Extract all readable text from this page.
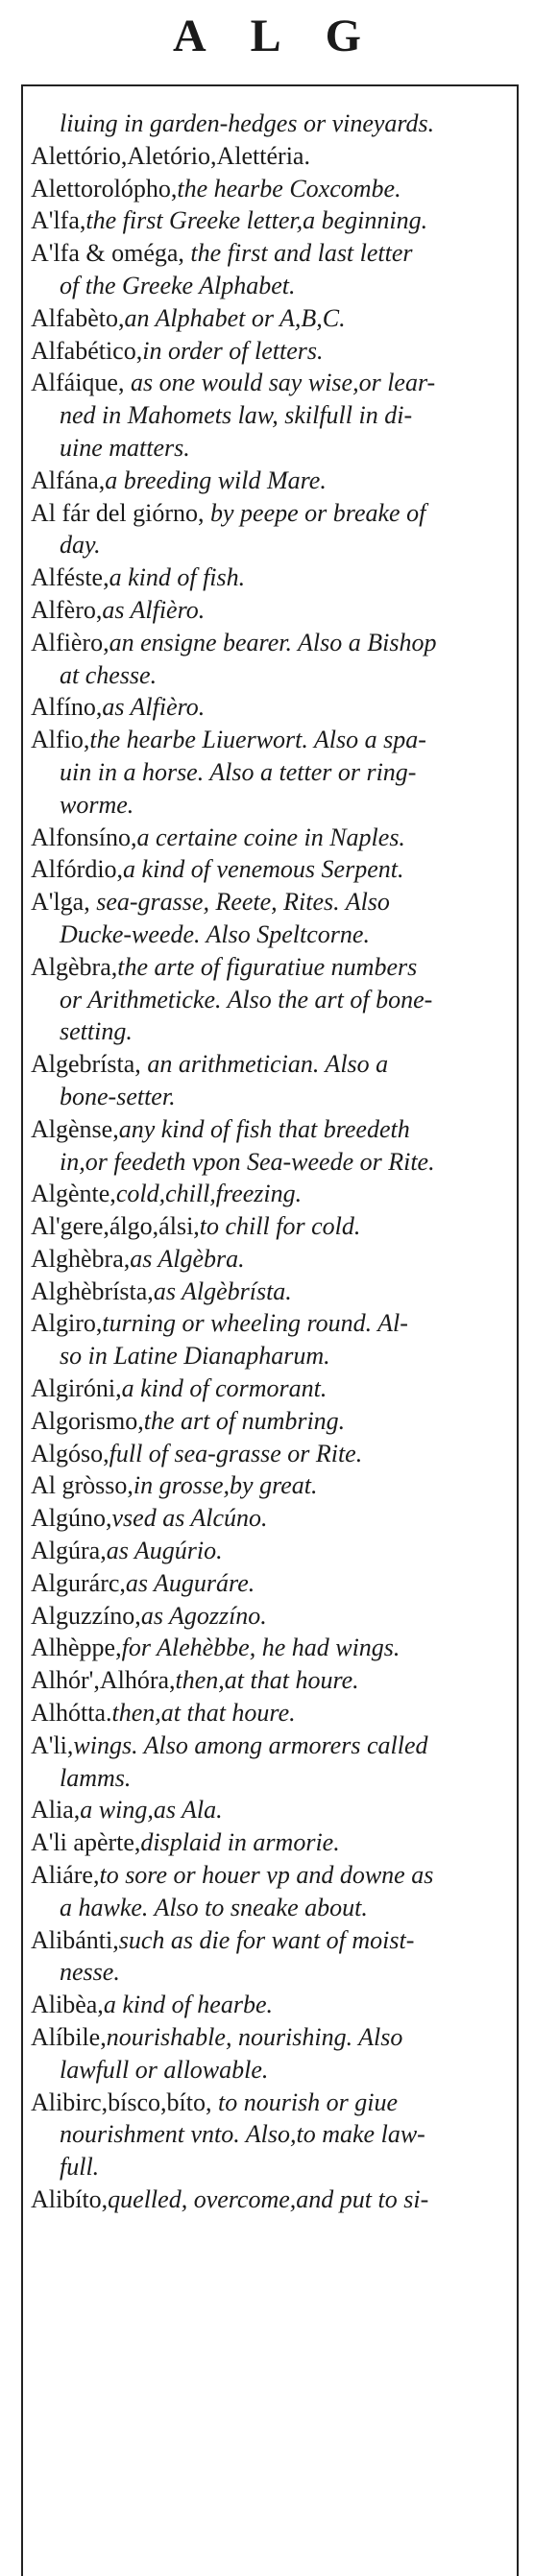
ALG
liuing in garden-hedges or vineyards.
Alettório,Aletório,Alettéria.
Alettorolópho,the hearbe Coxcombe.
A'lfa,the first Greeke letter,a beginning.
A'lfa & oméga, the first and last letter
of the Greeke Alphabet.
Alfabèto,an Alphabet or A,B,C.
Alfabético,in order of letters.
Alfáique, as one would say wise,or lear-
ned in Mahomets law, skilfull in di-
uine matters.
Alfána,a breeding wild Mare.
Al fár del giórno, by peepe or breake of
day.
Alféste,a kind of fish.
Alfèro,as Alfièro.
Alfièro,an ensigne bearer. Also a Bishop
at chesse.
Alfíno,as Alfièro.
Alfio,the hearbe Liuerwort. Also a spa-
uin in a horse. Also a tetter or ring-
worme.
Alfonsíno,a certaine coine in Naples.
Alfórdio,a kind of venemous Serpent.
A'lga, sea-grasse, Reete, Rites. Also
Ducke-weede. Also Speltcorne.
Algèbra,the arte of figuratiue numbers
or Arithmeticke. Also the art of bone-
setting.
Algebrísta, an arithmetician. Also a
bone-setter.
Algènse,any kind of fish that breedeth
in,or feedeth vpon Sea-weede or Rite.
Algènte,cold,chill,freezing.
Al'gere,álgo,álsi,to chill for cold.
Alghèbra,as Algèbra.
Alghèbrísta,as Algèbrísta.
Algiro,turning or wheeling round. Al-
so in Latine Dianapharum.
Algiróni,a kind of cormorant.
Algorismo,the art of numbring.
Algóso,full of sea-grasse or Rite.
Al gròsso,in grosse,by great.
Algúno,vsed as Alcúno.
Algúra,as Augúrio.
Algurárc,as Auguráre.
Alguzzíno,as Agozzíno.
Alhèppe,for Alehèbbe, he had wings.
Alhór',Alhóra,then,at that houre.
Alhótta.then,at that houre.
A'li,wings. Also among armorers called
lamms.
Alia,a wing,as Ala.
A'li apèrte,displaid in armorie.
Aliáre,to sore or houer vp and downe as
a hawke. Also to sneake about.
Alibánti,such as die for want of moist-
nesse.
Alibèa,a kind of hearbe.
Alíbile,nourishable, nourishing. Also
lawfull or allowable.
Alibirc,bísco,bíto, to nourish or giue
nourishment vnto. Also,to make law-
full.
Alibíto,quelled, overcome,and put to si-
